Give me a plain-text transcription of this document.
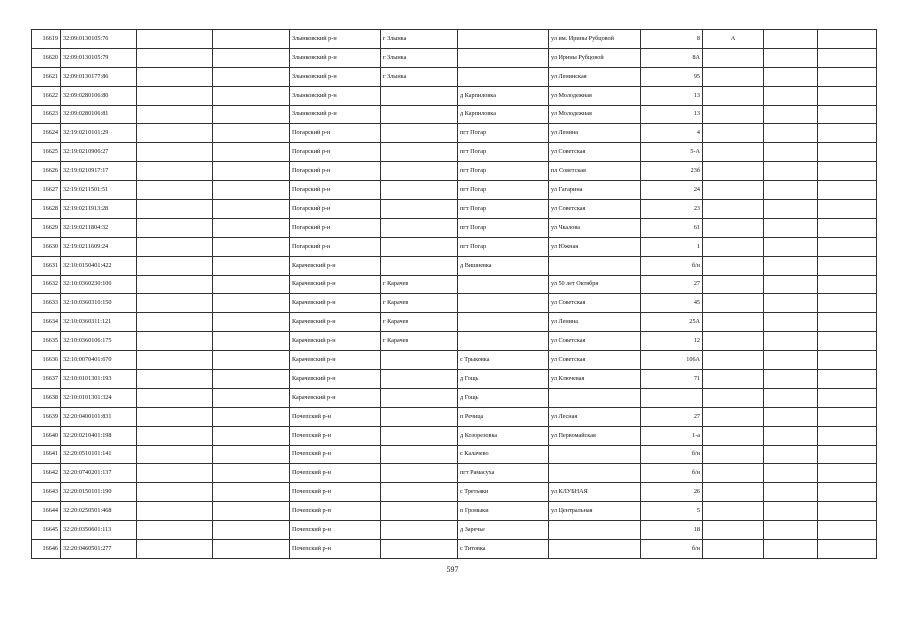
16619	32:09:0130105:76			Злынковский р-н	г Злынка		ул им. Ирины Рубцовой	8	А		
16620	32:09:0130105:79			Злынковский р-н	г Злынка		ул Ирины Рубцовой	8А			
16621	32:09:0130177:86			Злынковский р-н	г Злынка		ул Ленинская	95			
16622	32:09:0280106:80			Злынковский р-н		д Карпиловка	ул Молодежная	13			
16623	32:09:0280106:81			Злынковский р-н		д Карпиловка	ул Молодежная	13			
16624	32:19:0210101:29			Погарский р-н		пгт Погар	ул Ленина	4			
16625	32:19:0210906:27			Погарский р-н		пгт Погар	ул Советская	5-А			
16626	32:19:0210917:17			Погарский р-н		пгт Погар	пл Советская	23б			
16627	32:19:0211501:51			Погарский р-н		пгт Погар	ул Гагарина	24			
16628	32:19:0211913:28			Погарский р-н		пгт Погар	ул Советская	23			
16629	32:19:0211804:32			Погарский р-н		пгт Погар	ул Чкалова	61			
16630	32:19:0211609:24			Погарский р-н		пгт Погар	ул Южная	1			
16631	32:10:0150401:422			Карачевский р-н		д Вишневка		б/н			
16632	32:10:0360230:106			Карачевский р-н	г Карачев		ул 50 лет Октября	27			
16633	32:10:0360310:150			Карачевский р-н	г Карачев		ул Советская	45			
16634	32:10:0360311:121			Карачевский р-н	г Карачев		ул Ленина	25А			
16635	32:10:0360106:175			Карачевский р-н	г Карачев		ул Советская	12			
16636	32:10:0070401:670			Карачевский р-н		с Трыковка	ул Советская	106А			
16637	32:10:0101301:193			Карачевский р-н		д Гощь	ул Ключевая	71			
16638	32:10:0101301:324			Карачевский р-н		д Гощь					
16639	32:20:0400101:831			Почепский р-н		п Речица	ул Лесная	27			
16640	32:20:0210401:198			Почепский р-н		д Козорезовка	ул Первомайская	1-а			
16641	32:20:0510101:141			Почепский р-н		с Калачево		б/н			
16642	32:20:0740201:137			Почепский р-н		пгт Рамасуха		б/н			
16643	32:20:0150101:190			Почепский р-н		с Третьяки	ул КЛУБНАЯ	26			
16644	32:20:0250501:468			Почепский р-н		п Громыки	ул Центральная	5			
16645	32:20:0350601:113			Почепский р-н		д Заречье		18			
16646	32:20:0460501:277			Почепский р-н		с Титовка		б/н			
597
